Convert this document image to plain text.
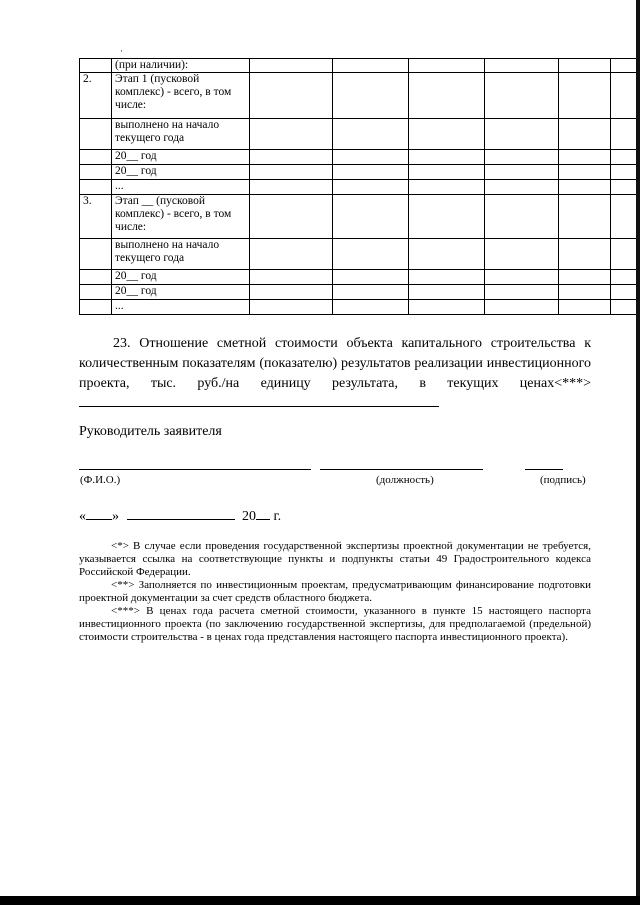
·
	(при наличии):						
2.	Этап 1 (пусковой комплекс) - всего, в том числе:						
	выполнено на начало текущего года						
	20__ год						
	20__ год						
	...						
3.	Этап __ (пусковой комплекс) - всего, в том числе:						
	выполнено на начало текущего года						
	20__ год						
	20__ год						
	...						
23. Отношение сметной стоимости объекта капитального строительства к количественным показателям (показателю) результатов реализации инвестиционного проекта, тыс. руб./на единицу результата, в текущих ценах<***>
Руководитель заявителя
(Ф.И.О.)	(должность)	(подпись)
« »	20 г.

<*> В случае если проведения государственной экспертизы проектной документации не требуется, указывается ссылка на соответствующие пункты и подпункты статьи 49 Градостроительного кодекса Российской Федерации.

<**> Заполняется по инвестиционным проектам, предусматривающим финансирование подготовки проектной документации за счет средств областного бюджета.

<***> В ценах года расчета сметной стоимости, указанного в пункте 15 настоящего паспорта инвестиционного проекта (по заключению государственной экспертизы, для предполагаемой (предельной) стоимости строительства - в ценах года представления настоящего паспорта инвестиционного проекта).
